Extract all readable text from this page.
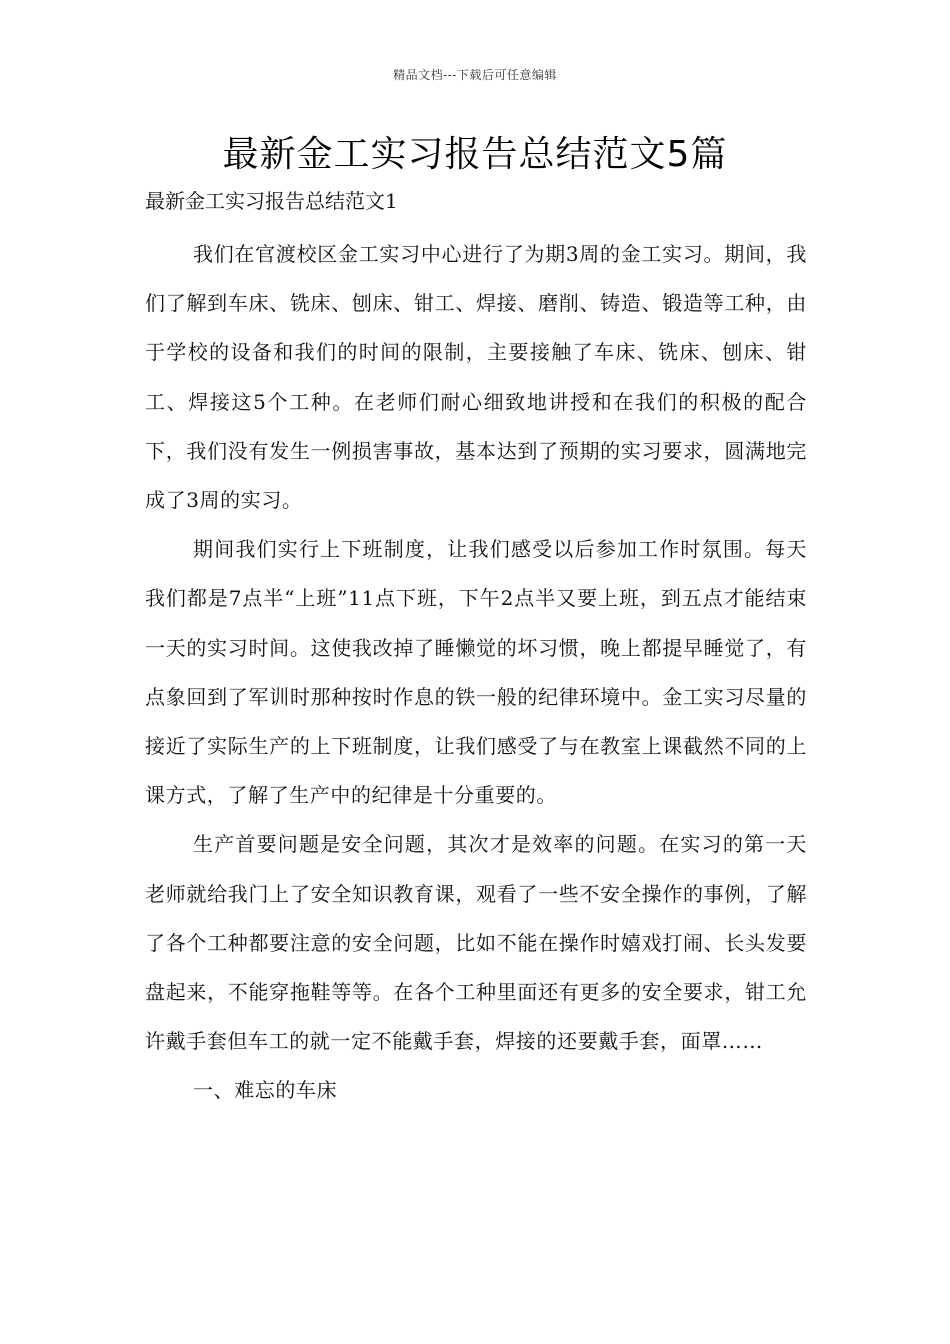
精品文档---下载后可任意编辑
最新金工实习报告总结范文5篇
最新金工实习报告总结范文1

我们在官渡校区金工实习中心进行了为期3周的金工实习。期间，我们了解到车床、铣床、刨床、钳工、焊接、磨削、铸造、锻造等工种，由于学校的设备和我们的时间的限制，主要接触了车床、铣床、刨床、钳工、焊接这5个工种。在老师们耐心细致地讲授和在我们的积极的配合下，我们没有发生一例损害事故，基本达到了预期的实习要求，圆满地完成了3周的实习。

期间我们实行上下班制度，让我们感受以后参加工作时氛围。每天我们都是7点半“上班”11点下班，下午2点半又要上班，到五点才能结束一天的实习时间。这使我改掉了睡懒觉的坏习惯，晚上都提早睡觉了，有点象回到了军训时那种按时作息的铁一般的纪律环境中。金工实习尽量的接近了实际生产的上下班制度，让我们感受了与在教室上课截然不同的上课方式，了解了生产中的纪律是十分重要的。

生产首要问题是安全问题，其次才是效率的问题。在实习的第一天老师就给我门上了安全知识教育课，观看了一些不安全操作的事例，了解了各个工种都要注意的安全问题，比如不能在操作时嬉戏打闹、长头发要盘起来，不能穿拖鞋等等。在各个工种里面还有更多的安全要求，钳工允许戴手套但车工的就一定不能戴手套，焊接的还要戴手套，面罩……

一、难忘的车床
